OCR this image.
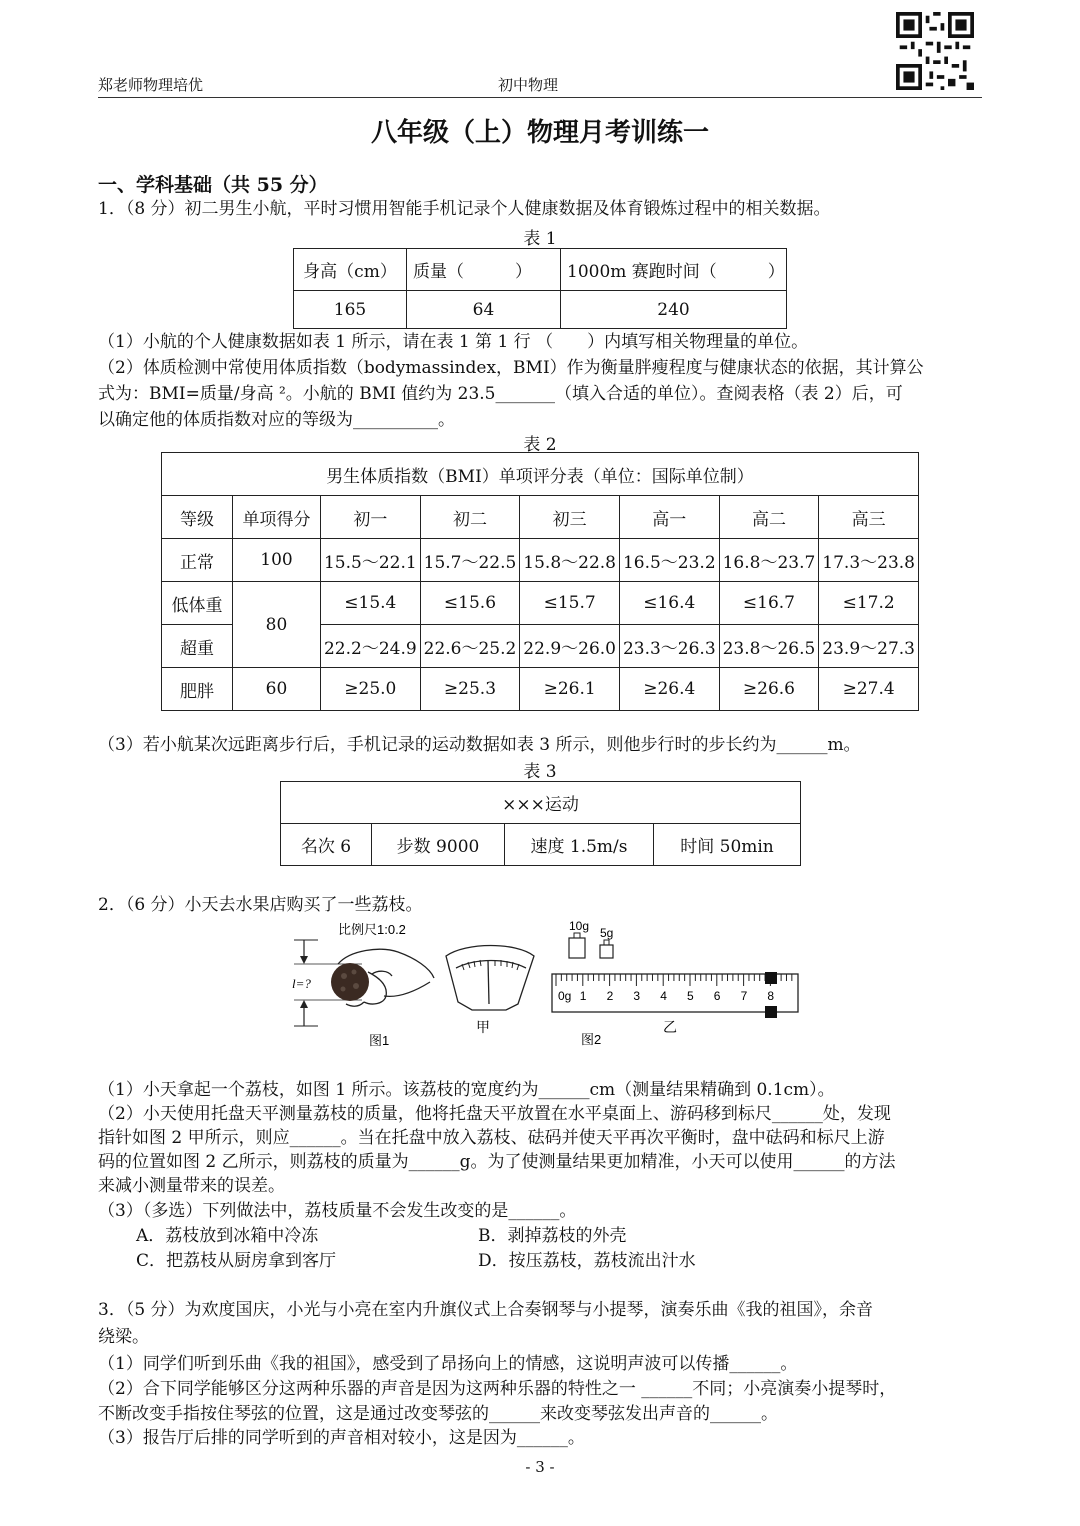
郑老师物理培优	初中物理
八年级（上）物理月考训练一
一、学科基础（共 55 分）
1．（8 分）初二男生小航，平时习惯用智能手机记录个人健康数据及体育锻炼过程中的相关数据。
表 1
身高（cm）	质量（　　　）	1000m 赛跑时间（　　　）
165	64	240
（1）小航的个人健康数据如表 1 所示，请在表 1 第 1 行 （　　）内填写相关物理量的单位。
（2）体质检测中常使用体质指数（bodymassindex，BMI）作为衡量胖瘦程度与健康状态的依据，其计算公
式为：BMI=质量/身高 ²。小航的 BMI 值约为 23.5_______（填入合适的单位）。查阅表格（表 2）后，可
以确定他的体质指数对应的等级为__________。
表 2
男生体质指数（BMI）单项评分表（单位：国际单位制）							
等级	单项得分	初一	初二	初三	高一	高二	高三
正常	100	15.5～22.1	15.7～22.5	15.8～22.8	16.5～23.2	16.8～23.7	17.3～23.8
低体重	80	≤15.4	≤15.6	≤15.7	≤16.4	≤16.7	≤17.2
超重		22.2～24.9	22.6～25.2	22.9～26.0	23.3～26.3	23.8～26.5	23.9～27.3
肥胖	60	≥25.0	≥25.3	≥26.1	≥26.4	≥26.6	≥27.4
（3）若小航某次远距离步行后，手机记录的运动数据如表 3 所示，则他步行时的步长约为______m。
表 3
×××运动
名次 6	步数 9000	速度 1.5m/s	时间 50min
2．（6 分）小天去水果店购买了一些荔枝。
比例尺1:0.2
l=?
图1
甲
10g 5g
0g 1 2 3 4 5 6 7 8
图2
乙
（1）小天拿起一个荔枝，如图 1 所示。该荔枝的宽度约为______cm（测量结果精确到 0.1cm）。
（2）小天使用托盘天平测量荔枝的质量，他将托盘天平放置在水平桌面上、游码移到标尺______处，发现
指针如图 2 甲所示，则应______。当在托盘中放入荔枝、砝码并使天平再次平衡时，盘中砝码和标尺上游
码的位置如图 2 乙所示，则荔枝的质量为______g。为了使测量结果更加精准，小天可以使用______的方法
来减小测量带来的误差。
（3）（多选）下列做法中，荔枝质量不会发生改变的是______。
A．荔枝放到冰箱中冷冻	B．剥掉荔枝的外壳
C．把荔枝从厨房拿到客厅	D．按压荔枝，荔枝流出汁水
3．（5 分）为欢度国庆，小光与小亮在室内升旗仪式上合奏钢琴与小提琴，演奏乐曲《我的祖国》，余音
绕梁。
（1）同学们听到乐曲《我的祖国》，感受到了昂扬向上的情感，这说明声波可以传播______。
（2）合下同学能够区分这两种乐器的声音是因为这两种乐器的特性之一 ______不同；小亮演奏小提琴时，
不断改变手指按住琴弦的位置，这是通过改变琴弦的______来改变琴弦发出声音的______。
（3）报告厅后排的同学听到的声音相对较小，这是因为______。
- 3 -
